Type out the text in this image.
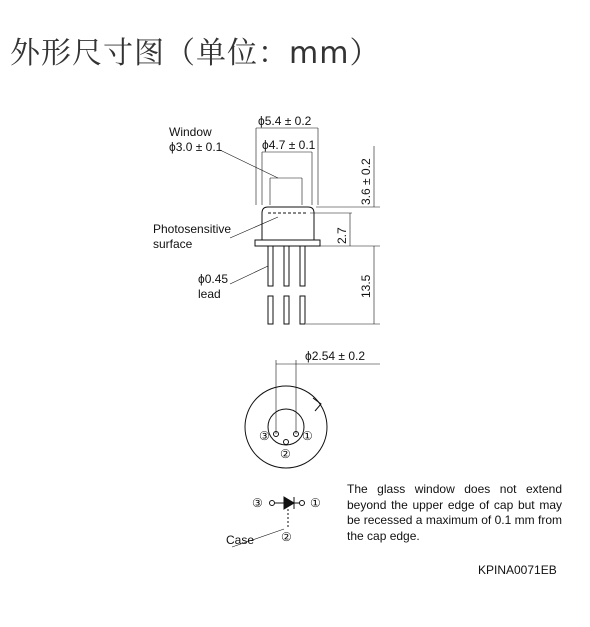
外形尺寸图（单位：mm）
ϕ5.4 ± 0.2
ϕ4.7 ± 0.1
Window
ϕ3.0 ± 0.1
Photosensitive
surface
ϕ0.45
lead
3.6 ± 0.2
2.7
13.5
ϕ2.54 ± 0.2
③	①
②
③	①
②
Case
The glass window does not extend beyond the upper edge of cap but may be recessed a maximum of 0.1 mm from the cap edge.
KPINA0071EB
